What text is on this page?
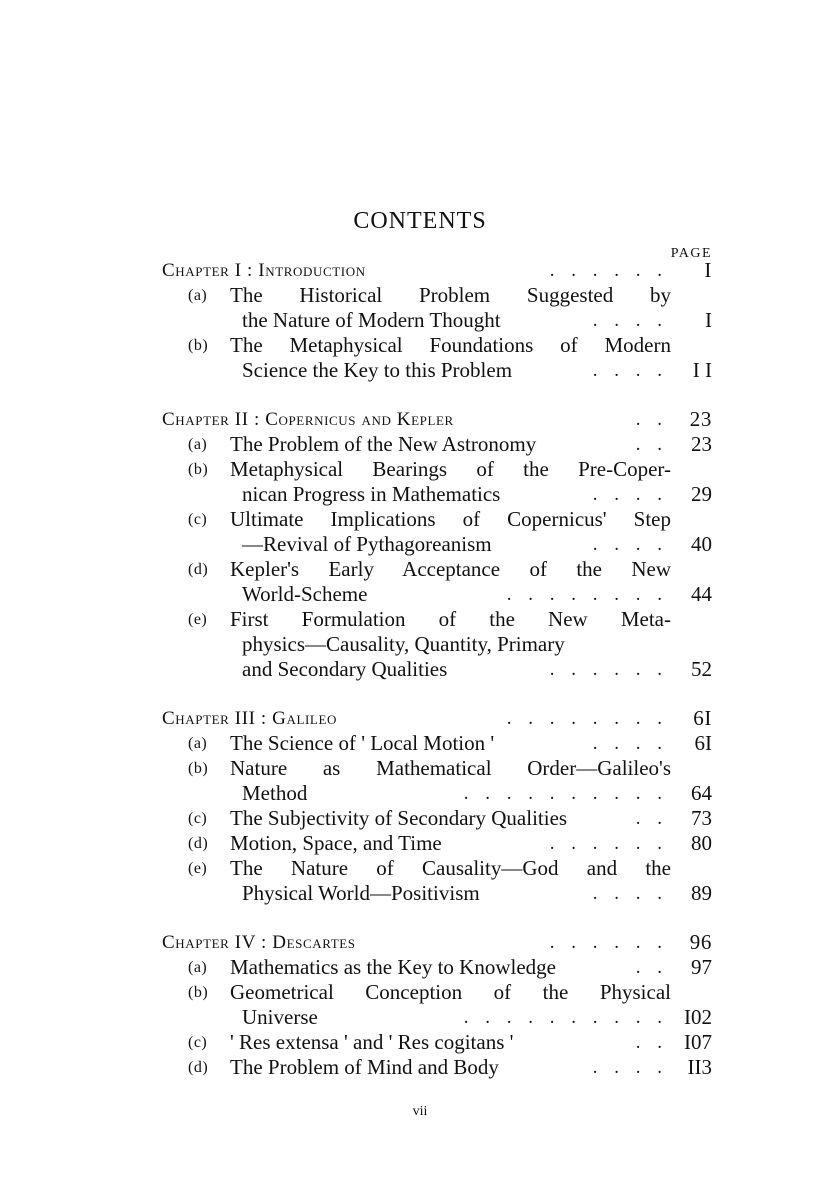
CONTENTS
PAGE
Chapter I : Introduction	. . . . . .	I
(a) The Historical Problem Suggested by
the Nature of Modern Thought	. . . .	I
(b) The Metaphysical Foundations of Modern
Science the Key to this Problem	. . . .	I I
Chapter II : Copernicus and Kepler	. .	23
(a) The Problem of the New Astronomy	. .	23
(b) Metaphysical Bearings of the Pre-Coper-
nican Progress in Mathematics	. . . .	29
(c) Ultimate Implications of Copernicus' Step
—Revival of Pythagoreanism	. . . .	40
(d) Kepler's Early Acceptance of the New
World-Scheme	. . . . . . . .	44
(e) First Formulation of the New Meta-
physics—Causality, Quantity, Primary
and Secondary Qualities	. . . . . .	52
Chapter III : Galileo	. . . . . . . .	6I
(a) The Science of ' Local Motion '	. . . .	6I
(b) Nature as Mathematical Order—Galileo's
Method	. . . . . . . . . .	64
(c) The Subjectivity of Secondary Qualities	. .	73
(d) Motion, Space, and Time	. . . . . .	80
(e) The Nature of Causality—God and the
Physical World—Positivism	. . . .	89
Chapter IV : Descartes	. . . . . .	96
(a) Mathematics as the Key to Knowledge	. .	97
(b) Geometrical Conception of the Physical
Universe	. . . . . . . . . . I02
(c) ' Res extensa ' and ' Res cogitans '	. . I07
(d) The Problem of Mind and Body	. . . . II3
vii
